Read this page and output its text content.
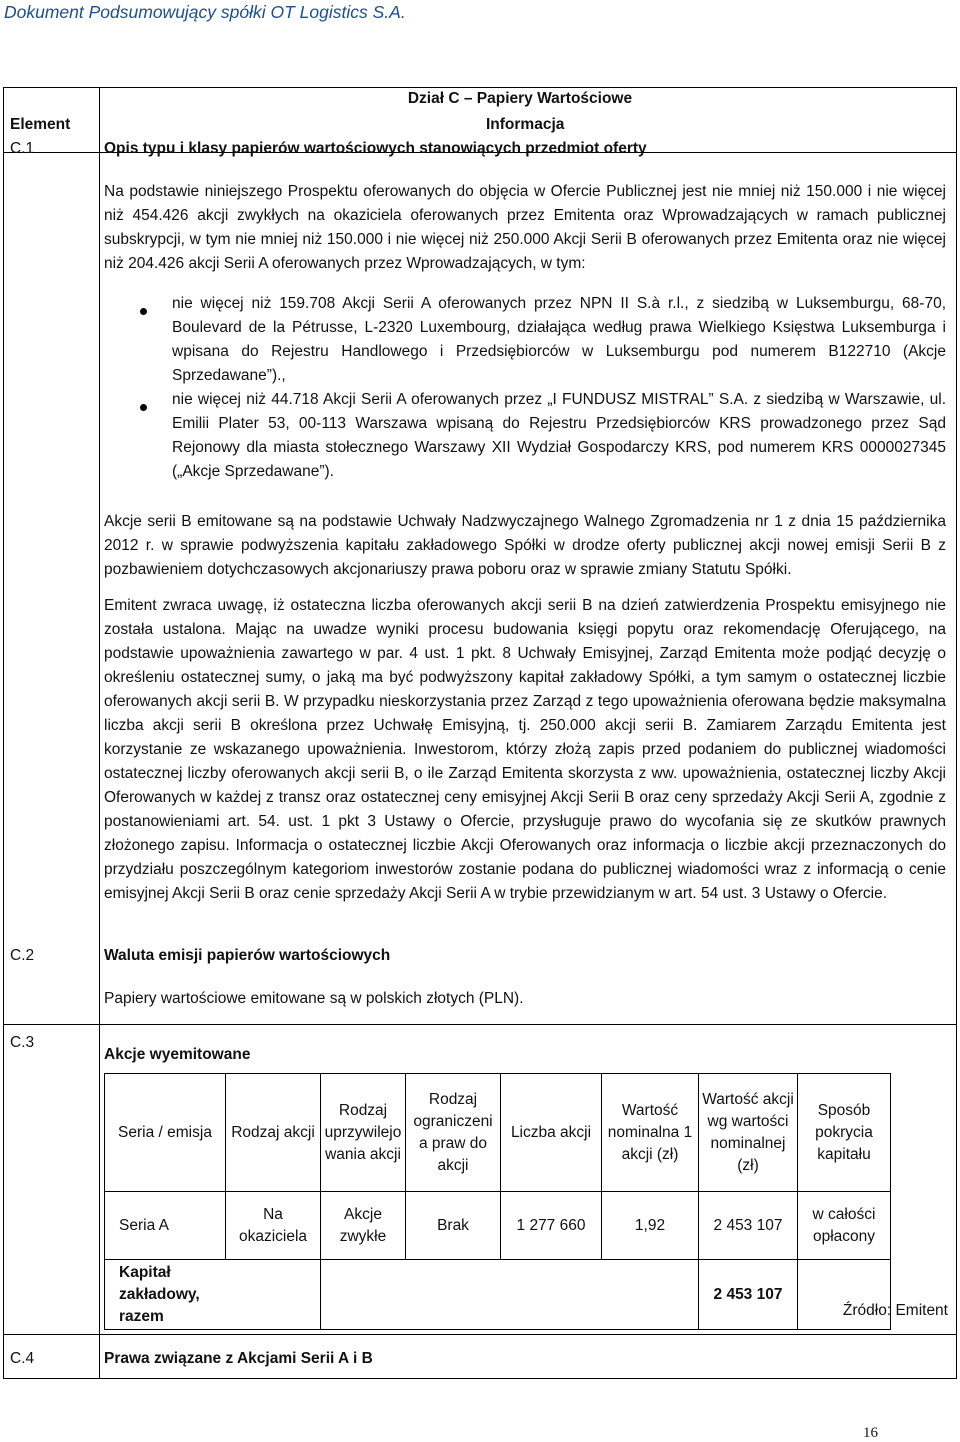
Dokument Podsumowujący spółki OT Logistics S.A.
Dział C – Papiery Wartościowe
Element	Informacja
C.1	Opis typu i klasy papierów wartościowych stanowiących przedmiot oferty

Na podstawie niniejszego Prospektu oferowanych do objęcia w Ofercie Publicznej jest nie mniej niż 150.000 i nie więcej niż 454.426 akcji zwykłych na okaziciela oferowanych przez Emitenta oraz Wprowadzających w ramach publicznej subskrypcji, w tym nie mniej niż 150.000 i nie więcej niż 250.000 Akcji Serii B oferowanych przez Emitenta oraz nie więcej niż 204.426 akcji Serii A oferowanych przez Wprowadzających, w tym:

nie więcej niż 159.708 Akcji Serii A oferowanych przez NPN II S.à r.l., z siedzibą w Luksemburgu, 68-70, Boulevard de la Pétrusse, L-2320 Luxembourg, działająca według prawa Wielkiego Księstwa Luksemburga i wpisana do Rejestru Handlowego i Przedsiębiorców w Luksemburgu pod numerem B122710 (Akcje Sprzedawane”).,
nie więcej niż 44.718 Akcji Serii A oferowanych przez „I FUNDUSZ MISTRAL” S.A. z siedzibą w Warszawie, ul. Emilii Plater 53, 00-113 Warszawa wpisaną do Rejestru Przedsiębiorców KRS prowadzonego przez Sąd Rejonowy dla miasta stołecznego Warszawy XII Wydział Gospodarczy KRS, pod numerem KRS 0000027345 („Akcje Sprzedawane”).
Akcje serii B emitowane są na podstawie Uchwały Nadzwyczajnego Walnego Zgromadzenia nr 1 z dnia 15 października 2012 r. w sprawie podwyższenia kapitału zakładowego Spółki w drodze oferty publicznej akcji nowej emisji Serii B z pozbawieniem dotychczasowych akcjonariuszy prawa poboru oraz w sprawie zmiany Statutu Spółki.
Emitent zwraca uwagę, iż ostateczna liczba oferowanych akcji serii B na dzień zatwierdzenia Prospektu emisyjnego nie została ustalona. Mając na uwadze wyniki procesu budowania księgi popytu oraz rekomendację Oferującego, na podstawie upoważnienia zawartego w par. 4 ust. 1 pkt. 8 Uchwały Emisyjnej, Zarząd Emitenta może podjąć decyzję o określeniu ostatecznej sumy, o jaką ma być podwyższony kapitał zakładowy Spółki, a tym samym o ostatecznej liczbie oferowanych akcji serii B. W przypadku nieskorzystania przez Zarząd z tego upoważnienia oferowana będzie maksymalna liczba akcji serii B określona przez Uchwałę Emisyjną, tj. 250.000 akcji serii B. Zamiarem Zarządu Emitenta jest korzystanie ze wskazanego upoważnienia. Inwestorom, którzy złożą zapis przed podaniem do publicznej wiadomości ostatecznej liczby oferowanych akcji serii B, o ile Zarząd Emitenta skorzysta z ww. upoważnienia, ostatecznej liczby Akcji Oferowanych w każdej z transz oraz ostatecznej ceny emisyjnej Akcji Serii B oraz ceny sprzedaży Akcji Serii A, zgodnie z postanowieniami art. 54. ust. 1 pkt 3 Ustawy o Ofercie, przysługuje prawo do wycofania się ze skutków prawnych złożonego zapisu. Informacja o ostatecznej liczbie Akcji Oferowanych oraz informacja o liczbie akcji przeznaczonych do przydziału poszczególnym kategoriom inwestorów zostanie podana do publicznej wiadomości wraz z informacją o cenie emisyjnej Akcji Serii B oraz cenie sprzedaży Akcji Serii A w trybie przewidzianym w art. 54 ust. 3 Ustawy o Ofercie.
C.2	Waluta emisji papierów wartościowych
Papiery wartościowe emitowane są w polskich złotych (PLN).
C.3
Akcje wyemitowane
Seria / emisja	Rodzaj akcji	Rodzaj uprzywilejo wania akcji	Rodzaj ograniczeni a praw do akcji	Liczba akcji	Wartość nominalna 1 akcji (zł)	Wartość akcji wg wartości nominalnej (zł)	Sposób pokrycia kapitału
Seria A	Na okaziciela	Akcje zwykłe	Brak	1 277 660	1,92	2 453 107	w całości opłacony

Kapitał zakładowy, razem						2 453 107	
Źródło: Emitent
C.4	Prawa związane z Akcjami Serii A i B
16
